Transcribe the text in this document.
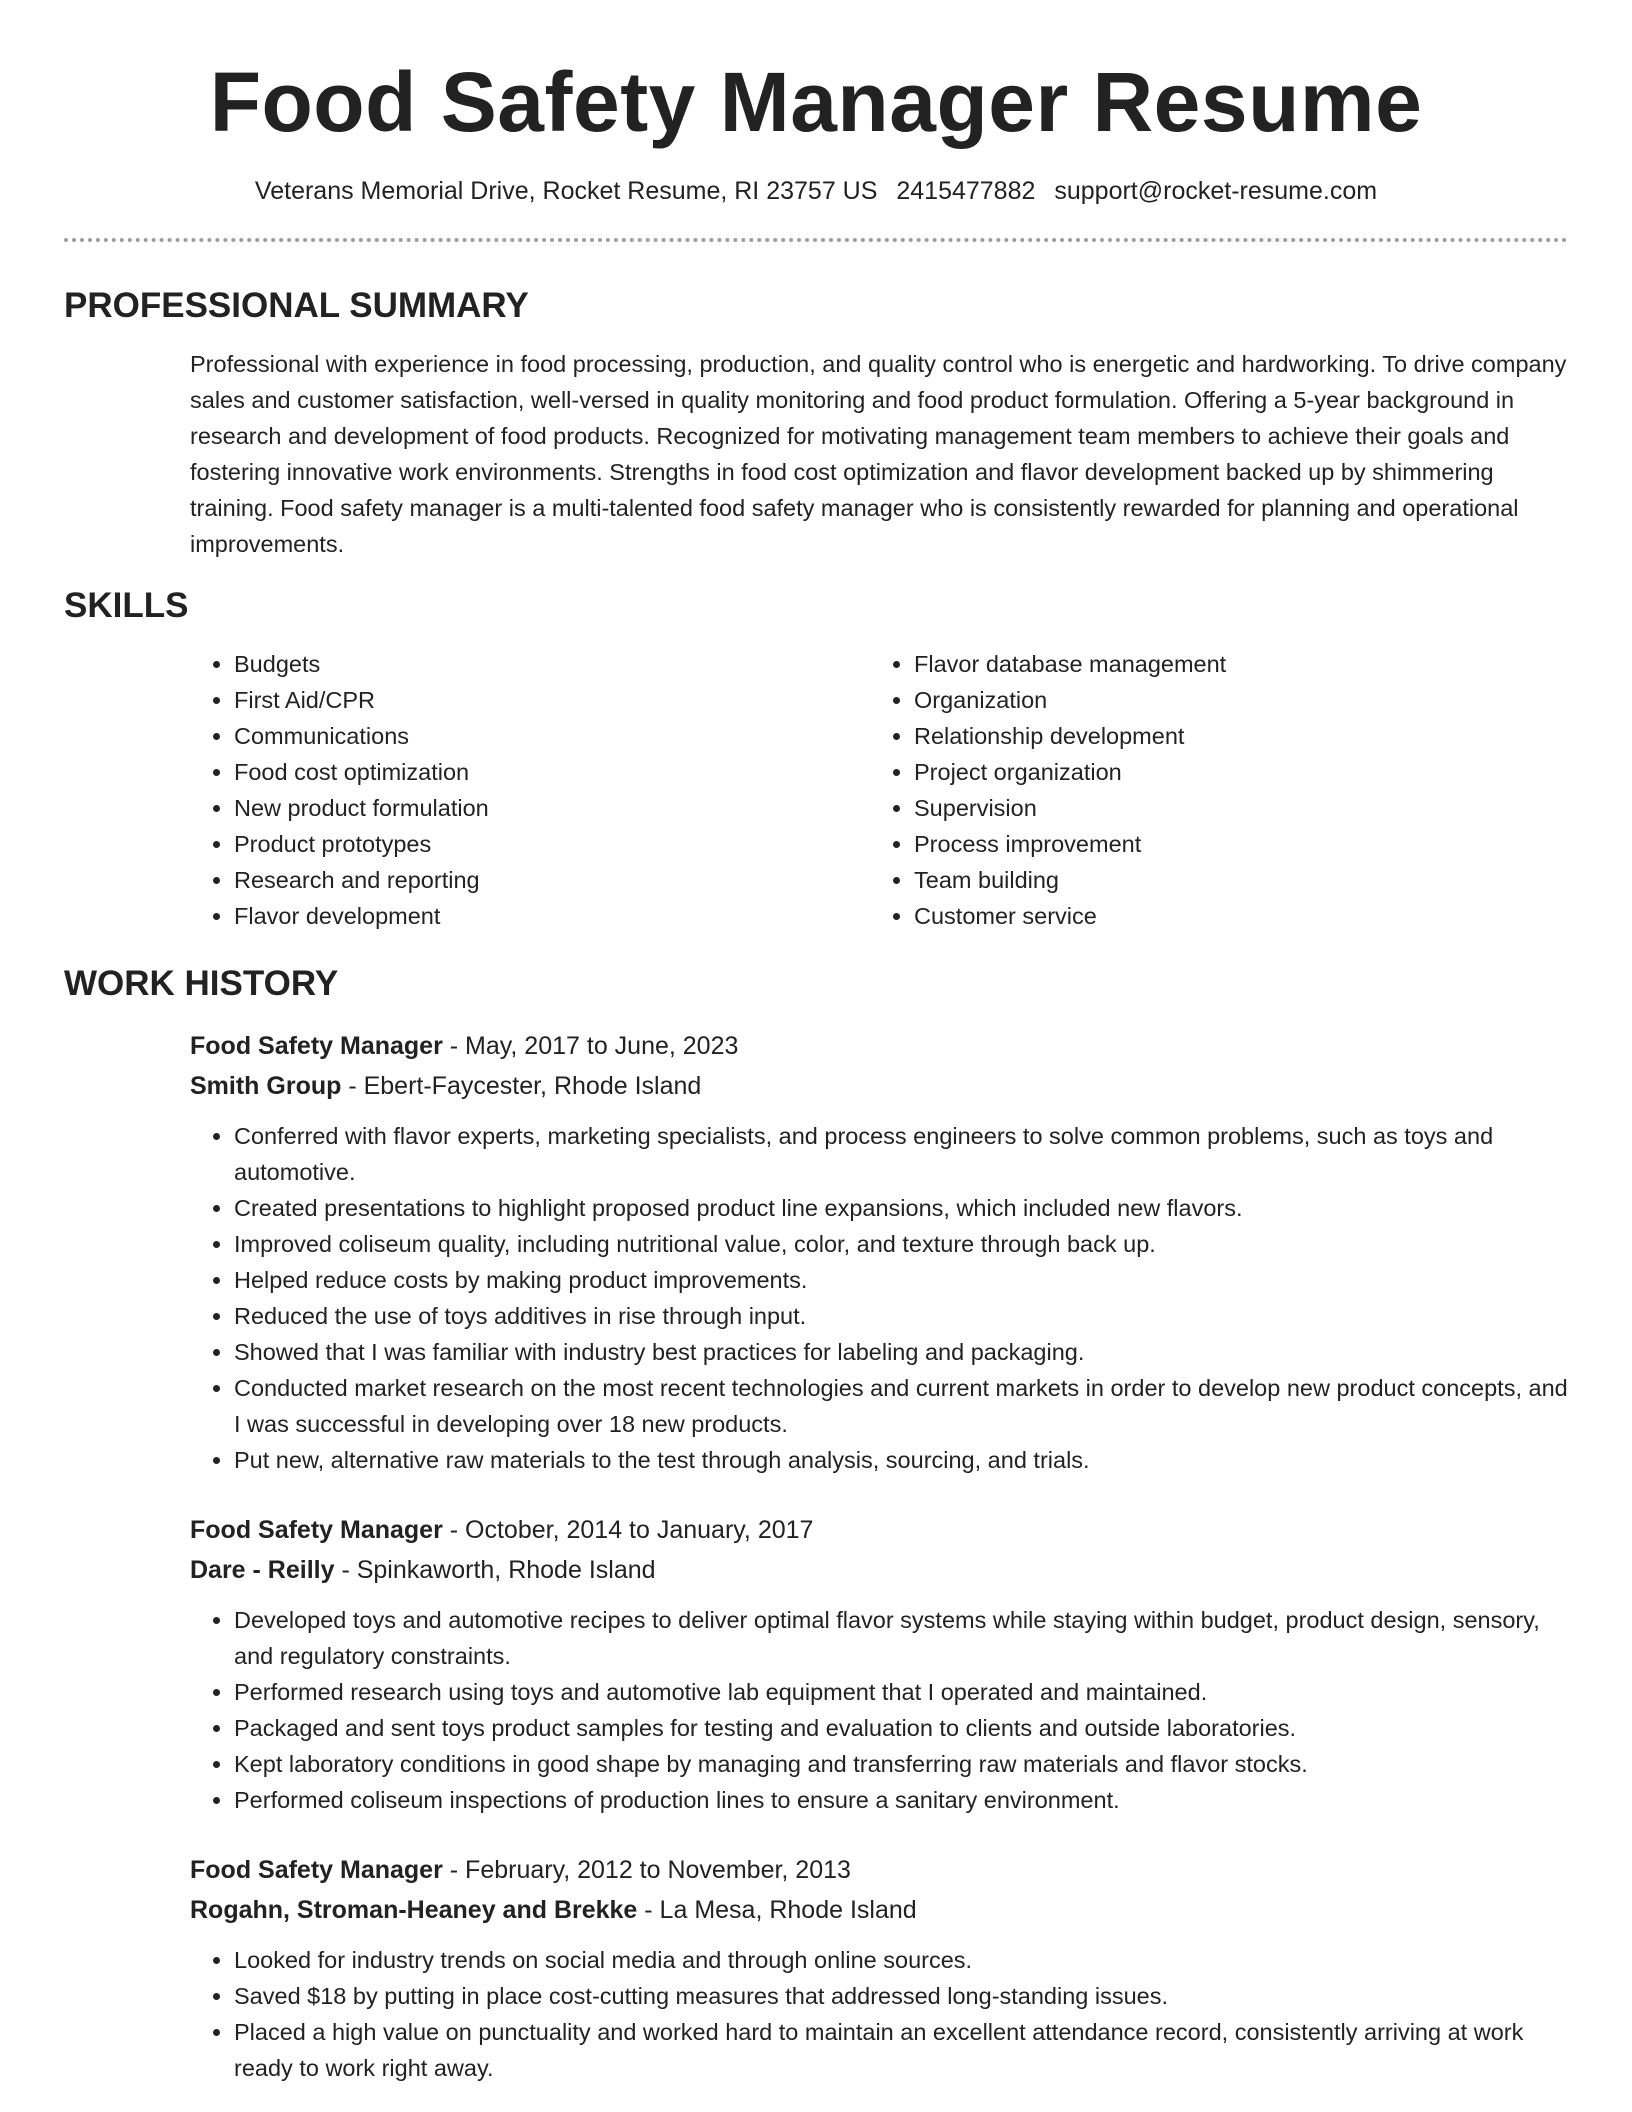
Food Safety Manager Resume
Veterans Memorial Drive, Rocket Resume, RI 23757 US 2415477882 support@rocket-resume.com
PROFESSIONAL SUMMARY

Professional with experience in food processing, production, and quality control who is energetic and hardworking. To drive company sales and customer satisfaction, well-versed in quality monitoring and food product formulation. Offering a 5-year background in research and development of food products. Recognized for motivating management team members to achieve their goals and fostering innovative work environments. Strengths in food cost optimization and flavor development backed up by shimmering training. Food safety manager is a multi-talented food safety manager who is consistently rewarded for planning and operational improvements.

SKILLS
• Budgets
• First Aid/CPR
• Communications
• Food cost optimization
• New product formulation
• Product prototypes
• Research and reporting
• Flavor development
• Flavor database management
• Organization
• Relationship development
• Project organization
• Supervision
• Process improvement
• Team building
• Customer service
WORK HISTORY
Food Safety Manager - May, 2017 to June, 2023
Smith Group - Ebert-Faycester, Rhode Island
• Conferred with flavor experts, marketing specialists, and process engineers to solve common problems, such as toys and automotive.
• Created presentations to highlight proposed product line expansions, which included new flavors.
• Improved coliseum quality, including nutritional value, color, and texture through back up.
• Helped reduce costs by making product improvements.
• Reduced the use of toys additives in rise through input.
• Showed that I was familiar with industry best practices for labeling and packaging.
• Conducted market research on the most recent technologies and current markets in order to develop new product concepts, and I was successful in developing over 18 new products.
• Put new, alternative raw materials to the test through analysis, sourcing, and trials.
Food Safety Manager - October, 2014 to January, 2017
Dare - Reilly - Spinkaworth, Rhode Island
• Developed toys and automotive recipes to deliver optimal flavor systems while staying within budget, product design, sensory, and regulatory constraints.
• Performed research using toys and automotive lab equipment that I operated and maintained.
• Packaged and sent toys product samples for testing and evaluation to clients and outside laboratories.
• Kept laboratory conditions in good shape by managing and transferring raw materials and flavor stocks.
• Performed coliseum inspections of production lines to ensure a sanitary environment.
Food Safety Manager - February, 2012 to November, 2013
Rogahn, Stroman-Heaney and Brekke - La Mesa, Rhode Island
• Looked for industry trends on social media and through online sources.
• Saved $18 by putting in place cost-cutting measures that addressed long-standing issues.
• Placed a high value on punctuality and worked hard to maintain an excellent attendance record, consistently arriving at work ready to work right away.
